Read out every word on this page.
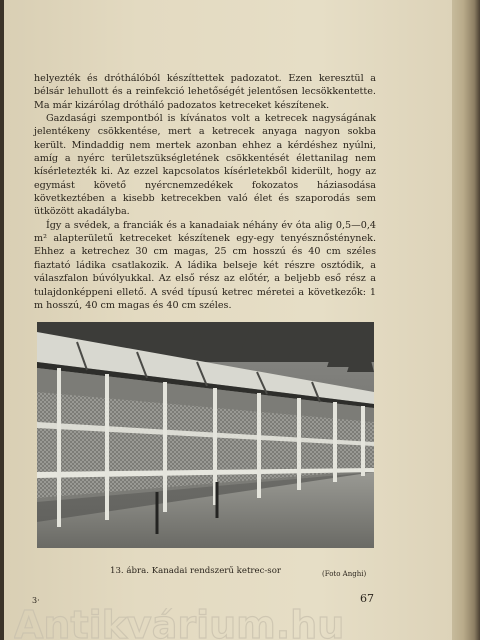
helyezték és dróthálóból készíttettek padozatot. Ezen keresztül a bélsár lehullott és a reinfekció lehetőségét jelentősen lecsökkentette. Ma már kizárólag drótháló padozatos ketreceket készítenek.

Gazdasági szempontból is kívánatos volt a ketrecek nagyságának jelentékeny csökkentése, mert a ketrecek anyaga nagyon sokba került. Mindaddig nem mertek azonban ehhez a kérdéshez nyúlni, amíg a nyérc területszükségletének csökkentését élettanilag nem kísérletezték ki. Az ezzel kapcsolatos kísérletekből kiderült, hogy az egymást követő nyércnemzedékek fokozatos háziasodása következtében a kisebb ketrecekben való élet és szaporodás sem ütközött akadályba.

Így a svédek, a franciák és a kanadaiak néhány év óta alig 0,5—0,4 m² alapterületű ketreceket készítenek egy-egy tenyésznősténynek. Ehhez a ketrechez 30 cm magas, 25 cm hosszú és 40 cm széles fiaztató ládika csatlakozik. A ládika belseje két részre osztódik, a válaszfalon búvólyukkal. Az első rész az előtér, a beljebb eső rész a tulajdonképpeni ellető. A svéd típusú ketrec méretei a következők: 1 m hosszú, 40 cm magas és 40 cm széles.

13. ábra. Kanadai rendszerű ketrec-sor	(Foto Anghi)
67
3·
Antikvárium.hu
